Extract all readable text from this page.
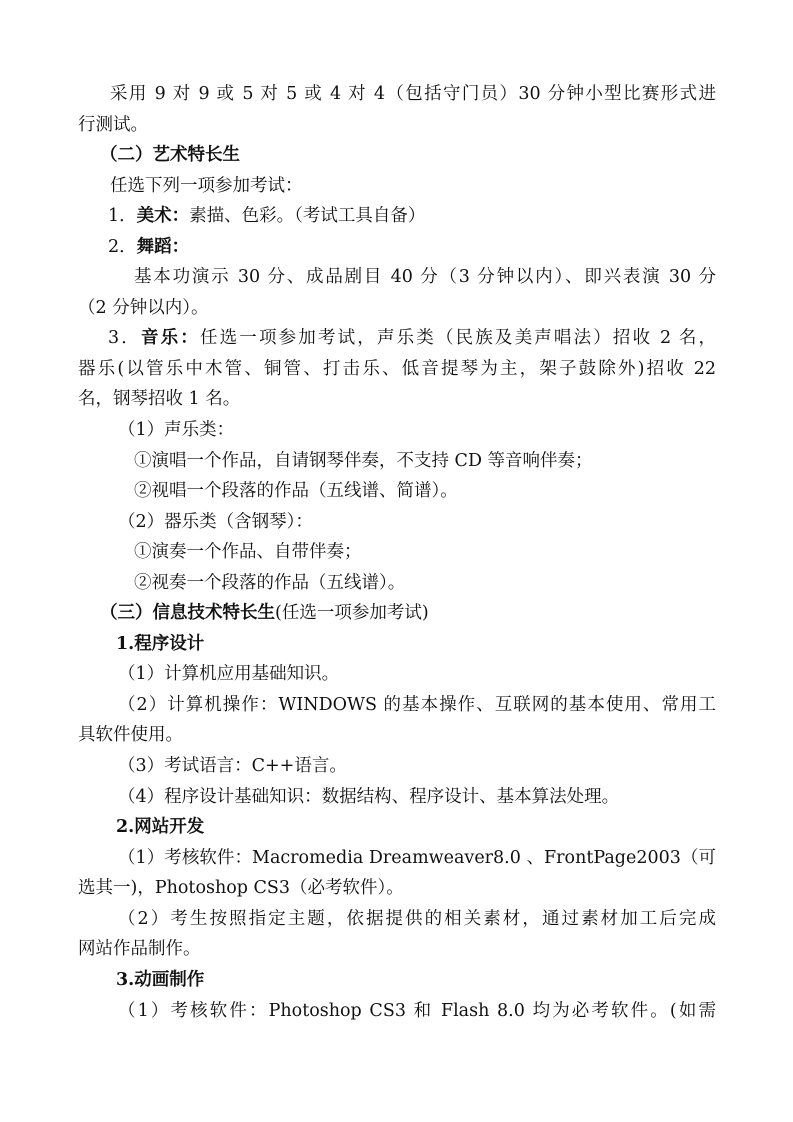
采用 9 对 9 或 5 对 5 或 4 对 4（包括守门员）30 分钟小型比赛形式进
行测试。
（二）艺术特长生
任选下列一项参加考试：
1．美术：素描、色彩。（考试工具自备）
2．舞蹈：
基本功演示 30 分、成品剧目 40 分（3 分钟以内）、即兴表演 30 分
（2 分钟以内）。
3．音乐：任选一项参加考试，声乐类（民族及美声唱法）招收 2 名，
器乐(以管乐中木管、铜管、打击乐、低音提琴为主，架子鼓除外)招收 22
名，钢琴招收 1 名。
（1）声乐类：
①演唱一个作品，自请钢琴伴奏，不支持 CD 等音响伴奏；
②视唱一个段落的作品（五线谱、简谱）。
（2）器乐类（含钢琴）：
①演奏一个作品、自带伴奏；
②视奏一个段落的作品（五线谱）。
（三）信息技术特长生(任选一项参加考试)
1.程序设计
（1）计算机应用基础知识。
（2）计算机操作：WINDOWS 的基本操作、互联网的基本使用、常用工
具软件使用。
（3）考试语言：C++语言。
（4）程序设计基础知识：数据结构、程序设计、基本算法处理。
2.网站开发
（1）考核软件：Macromedia Dreamweaver8.0 、FrontPage2003（可
选其一)，Photoshop CS3（必考软件）。
（2）考生按照指定主题，依据提供的相关素材，通过素材加工后完成
网站作品制作。
3.动画制作
（1）考核软件：Photoshop CS3 和 Flash 8.0 均为必考软件。(如需
